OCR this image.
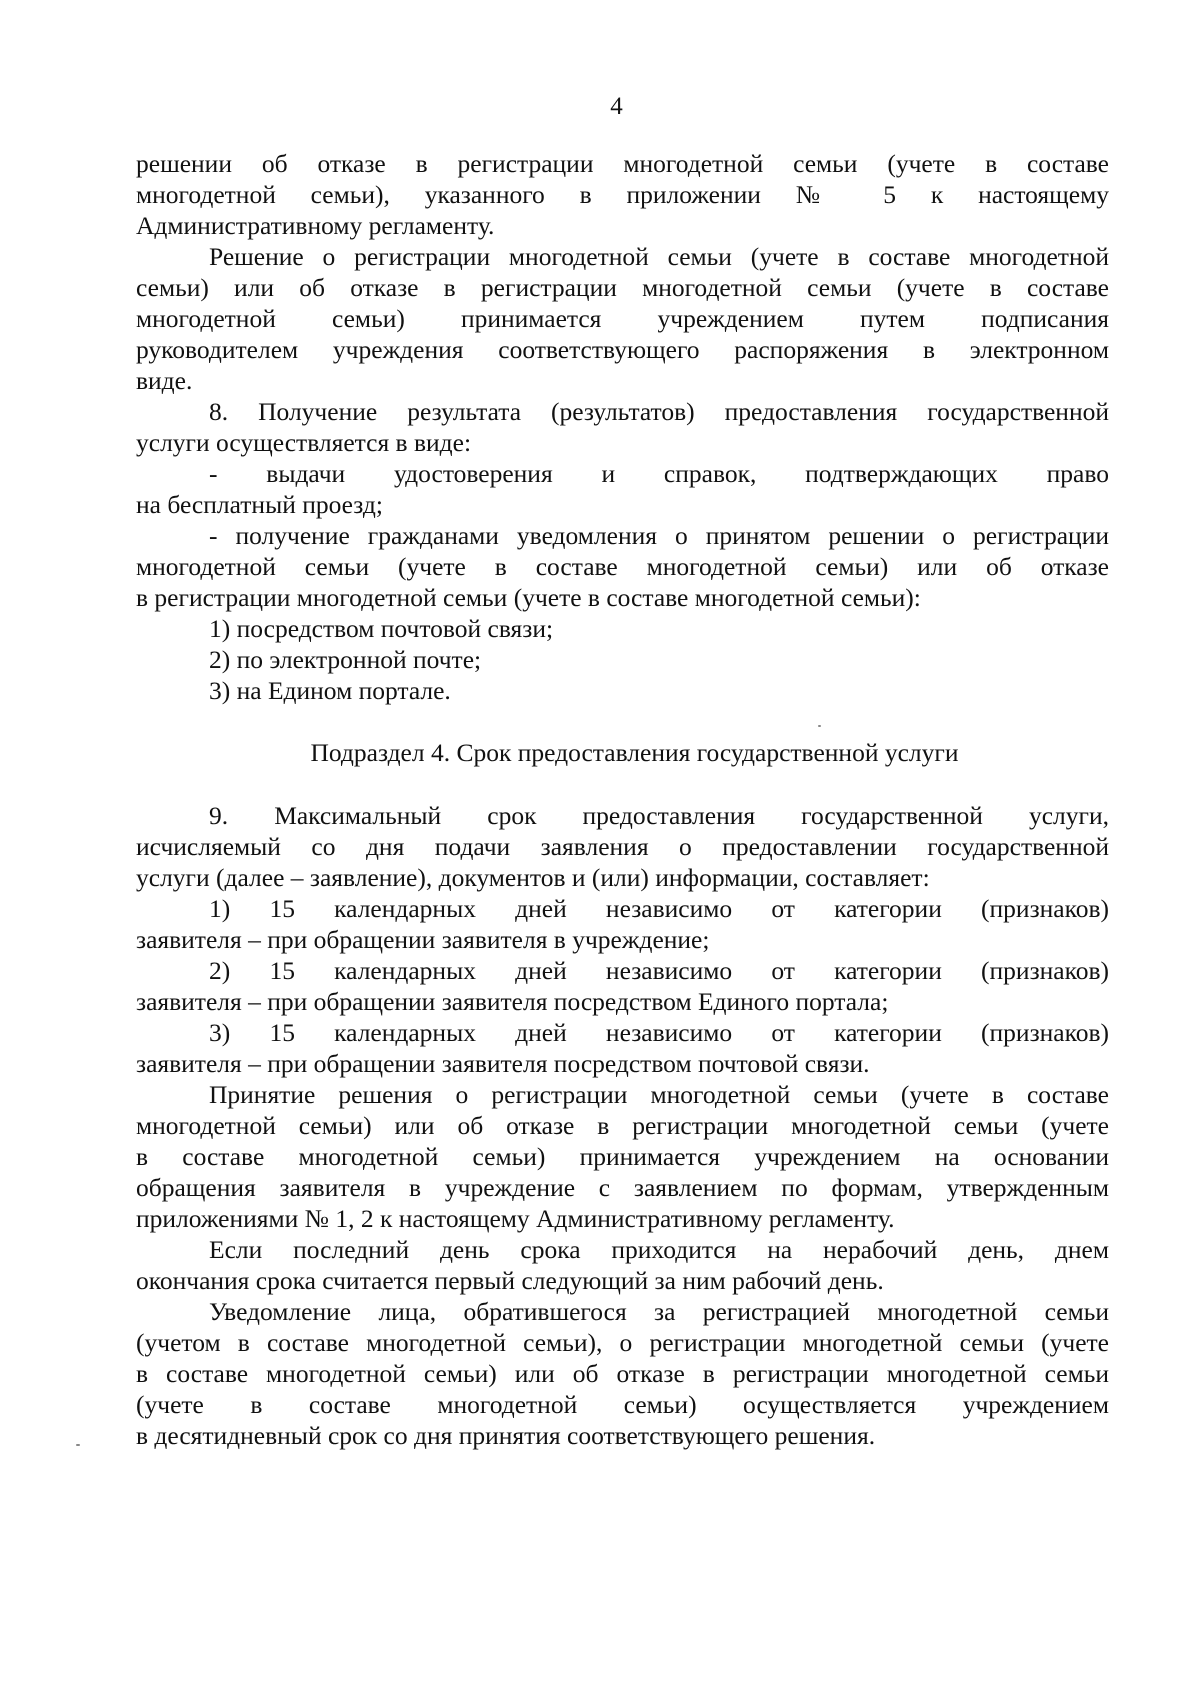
4
решении об отказе в регистрации многодетной семьи (учете в составе
многодетной семьи), указанного в приложении № 5 к настоящему
Административному регламенту.
Решение о регистрации многодетной семьи (учете в составе многодетной
семьи) или об отказе в регистрации многодетной семьи (учете в составе
многодетной семьи) принимается учреждением путем подписания
руководителем учреждения соответствующего распоряжения в электронном
виде.
8. Получение результата (результатов) предоставления государственной
услуги осуществляется в виде:
- выдачи удостоверения и справок, подтверждающих право
на бесплатный проезд;
- получение гражданами уведомления о принятом решении о регистрации
многодетной семьи (учете в составе многодетной семьи) или об отказе
в регистрации многодетной семьи (учете в составе многодетной семьи):
1) посредством почтовой связи;
2) по электронной почте;
3) на Едином портале.
Подраздел 4. Срок предоставления государственной услуги
9. Максимальный срок предоставления государственной услуги,
исчисляемый со дня подачи заявления о предоставлении государственной
услуги (далее – заявление), документов и (или) информации, составляет:
1) 15 календарных дней независимо от категории (признаков)
заявителя – при обращении заявителя в учреждение;
2) 15 календарных дней независимо от категории (признаков)
заявителя – при обращении заявителя посредством Единого портала;
3) 15 календарных дней независимо от категории (признаков)
заявителя – при обращении заявителя посредством почтовой связи.
Принятие решения о регистрации многодетной семьи (учете в составе
многодетной семьи) или об отказе в регистрации многодетной семьи (учете
в составе многодетной семьи) принимается учреждением на основании
обращения заявителя в учреждение с заявлением по формам, утвержденным
приложениями № 1, 2 к настоящему Административному регламенту.
Если последний день срока приходится на нерабочий день, днем
окончания срока считается первый следующий за ним рабочий день.
Уведомление лица, обратившегося за регистрацией многодетной семьи
(учетом в составе многодетной семьи), о регистрации многодетной семьи (учете
в составе многодетной семьи) или об отказе в регистрации многодетной семьи
(учете в составе многодетной семьи) осуществляется учреждением
в десятидневный срок со дня принятия соответствующего решения.
